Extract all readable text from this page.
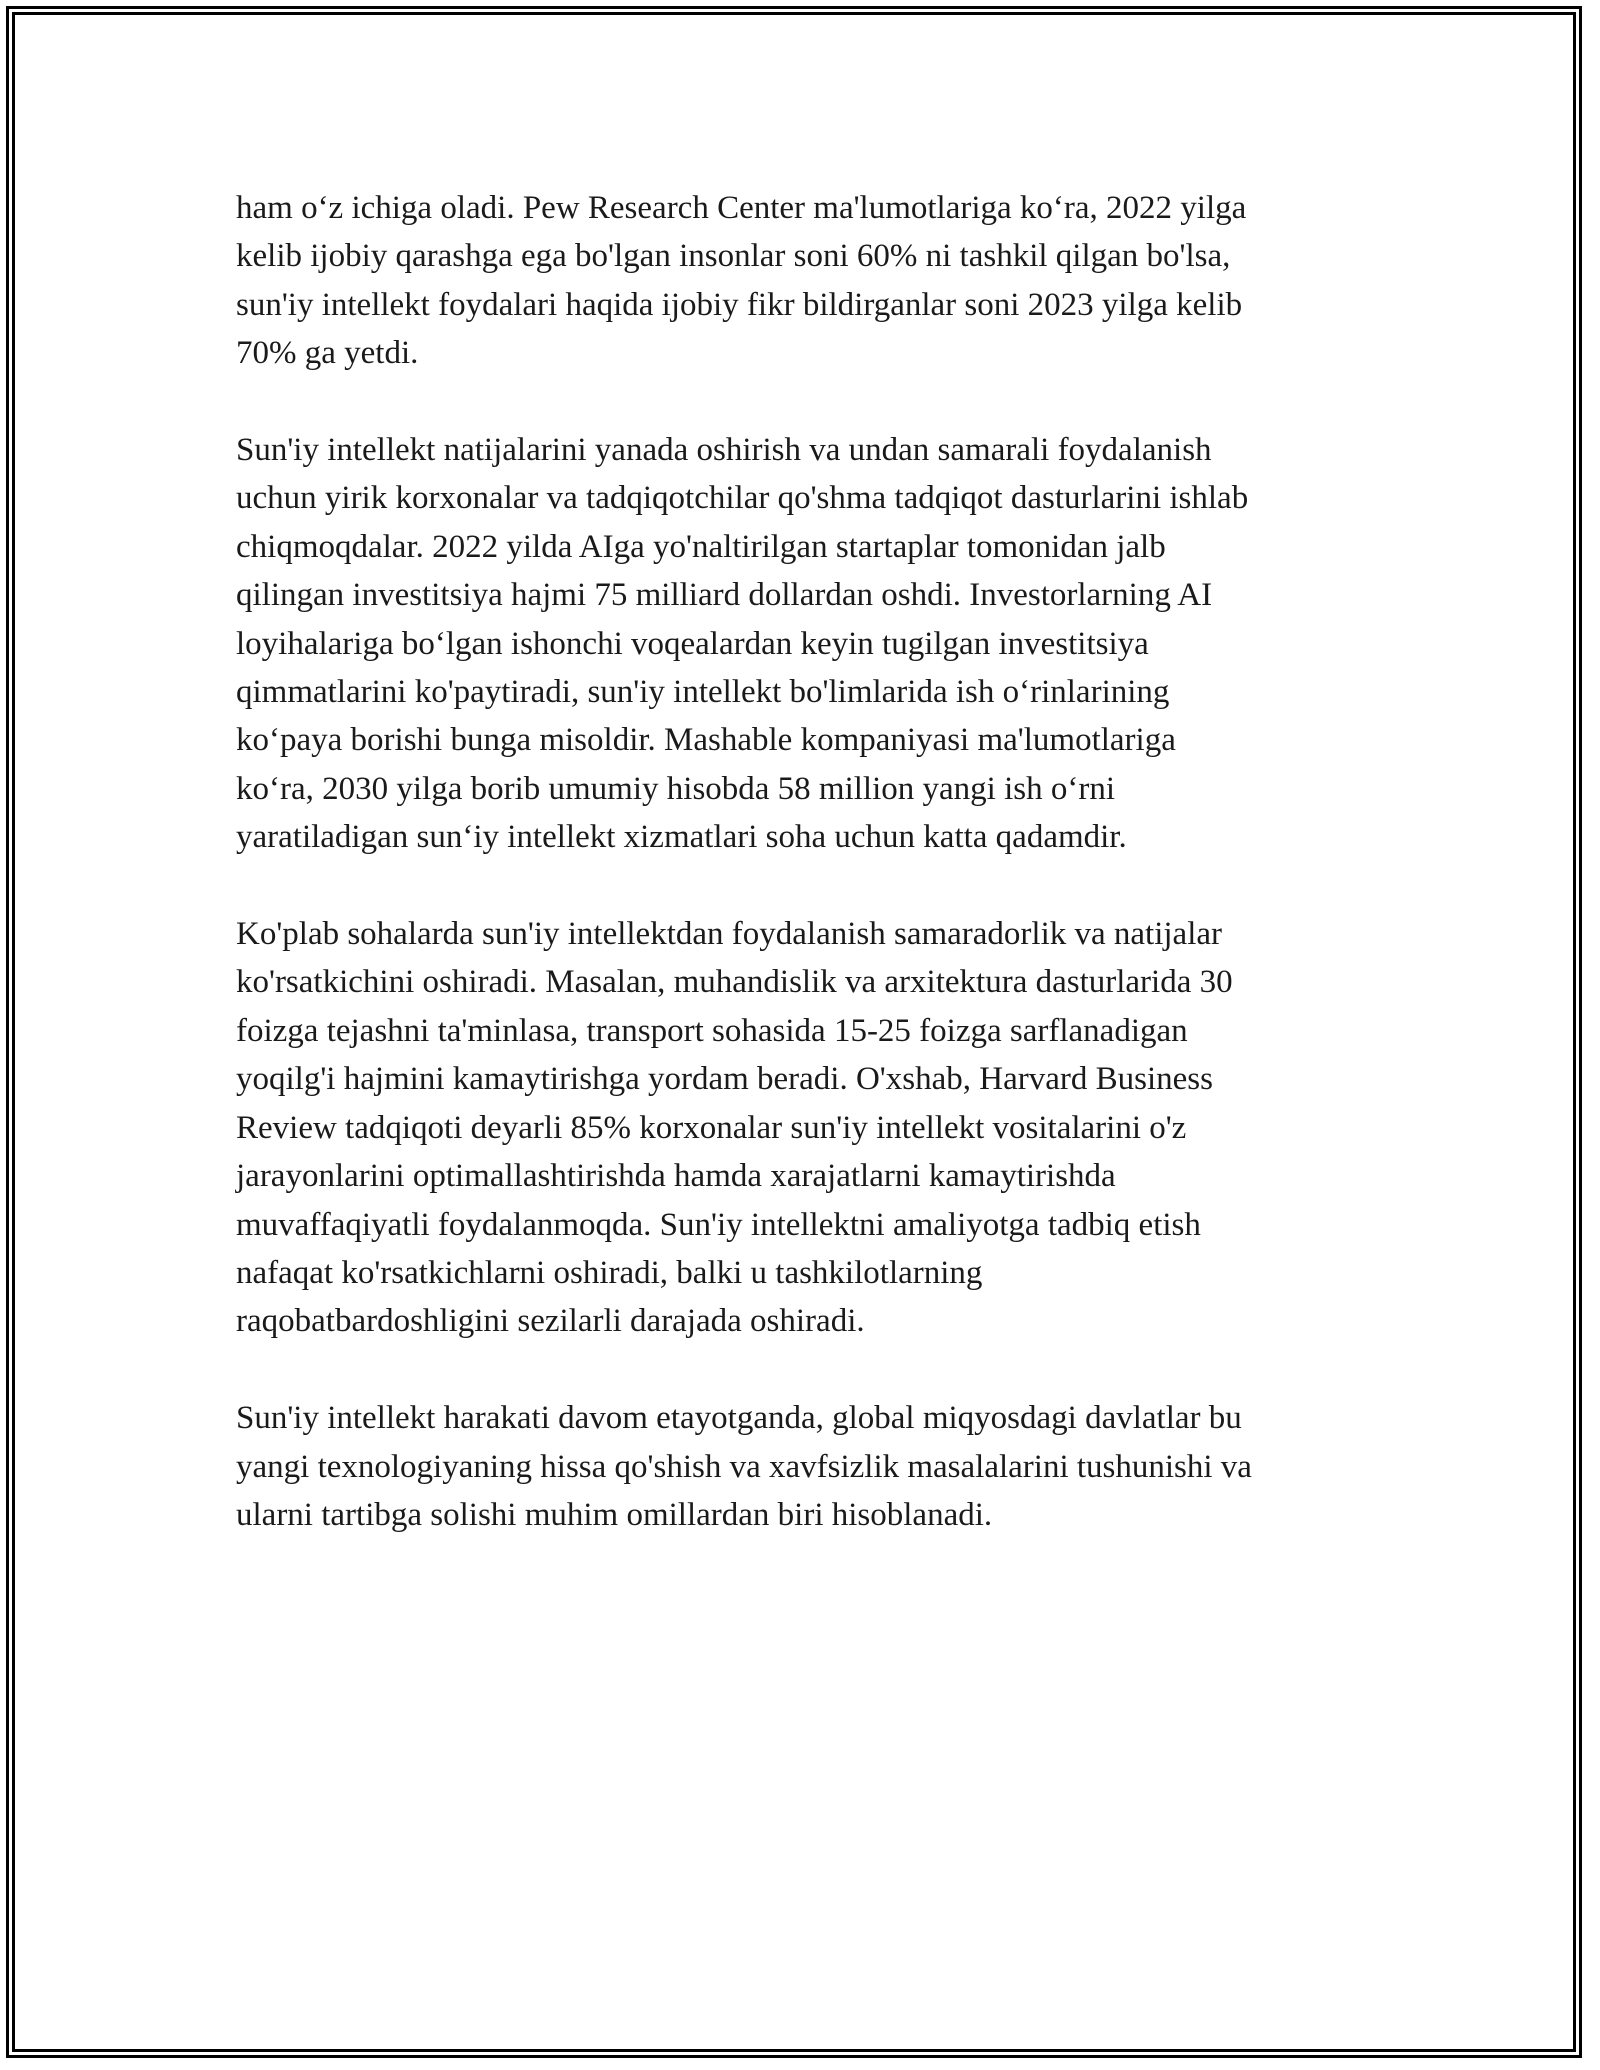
ham o‘z ichiga oladi. Pew Research Center ma'lumotlariga ko‘ra, 2022 yilga
kelib ijobiy qarashga ega bo'lgan insonlar soni 60% ni tashkil qilgan bo'lsa,
sun'iy intellekt foydalari haqida ijobiy fikr bildirganlar soni 2023 yilga kelib
70% ga yetdi.

Sun'iy intellekt natijalarini yanada oshirish va undan samarali foydalanish
uchun yirik korxonalar va tadqiqotchilar qo'shma tadqiqot dasturlarini ishlab
chiqmoqdalar. 2022 yilda AIga yo'naltirilgan startaplar tomonidan jalb
qilingan investitsiya hajmi 75 milliard dollardan oshdi. Investorlarning AI
loyihalariga bo‘lgan ishonchi voqealardan keyin tugilgan investitsiya
qimmatlarini ko'paytiradi, sun'iy intellekt bo'limlarida ish o‘rinlarining
ko‘paya borishi bunga misoldir. Mashable kompaniyasi ma'lumotlariga
ko‘ra, 2030 yilga borib umumiy hisobda 58 million yangi ish o‘rni
yaratiladigan sun‘iy intellekt xizmatlari soha uchun katta qadamdir.

Ko'plab sohalarda sun'iy intellektdan foydalanish samaradorlik va natijalar
ko'rsatkichini oshiradi. Masalan, muhandislik va arxitektura dasturlarida 30
foizga tejashni ta'minlasa, transport sohasida 15-25 foizga sarflanadigan
yoqilg'i hajmini kamaytirishga yordam beradi. O'xshab, Harvard Business
Review tadqiqoti deyarli 85% korxonalar sun'iy intellekt vositalarini o'z
jarayonlarini optimallashtirishda hamda xarajatlarni kamaytirishda
muvaffaqiyatli foydalanmoqda. Sun'iy intellektni amaliyotga tadbiq etish
nafaqat ko'rsatkichlarni oshiradi, balki u tashkilotlarning
raqobatbardoshligini sezilarli darajada oshiradi.

Sun'iy intellekt harakati davom etayotganda, global miqyosdagi davlatlar bu
yangi texnologiyaning hissa qo'shish va xavfsizlik masalalarini tushunishi va
ularni tartibga solishi muhim omillardan biri hisoblanadi.
